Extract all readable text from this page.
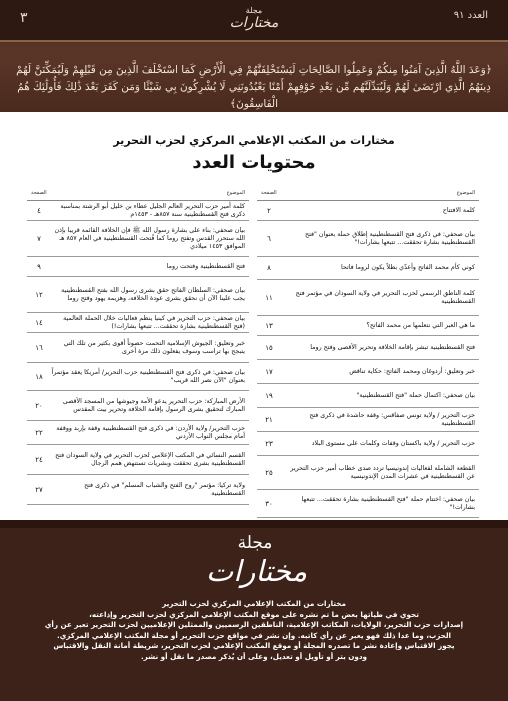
٣	العدد ٩١
مجلة
مختارات
﴿وَعَدَ اللَّهُ الَّذِينَ آمَنُوا مِنكُمْ وَعَمِلُوا الصَّالِحَاتِ لَيَسْتَخْلِفَنَّهُمْ فِي الْأَرْضِ كَمَا اسْتَخْلَفَ الَّذِينَ مِن قَبْلِهِمْ وَلَيُمَكِّنَنَّ لَهُمْ دِينَهُمُ الَّذِي ارْتَضَىٰ لَهُمْ وَلَيُبَدِّلَنَّهُم مِّن بَعْدِ خَوْفِهِمْ أَمْنًا يَعْبُدُونَنِي لَا يُشْرِكُونَ بِي شَيْئًا وَمَن كَفَرَ بَعْدَ ذَٰلِكَ فَأُولَٰئِكَ هُمُ الْفَاسِقُونَ﴾
مختارات من المكتب الإعلامي المركزي لحزب التحرير
محتويات العدد
الموضوع
الصفحة
كلمة الافتتاح
٢
بيان صحفي: في ذكرى فتح القسطنطينية إطلاق حملة بعنوان "فتح القسطنطينية بشارة تحققت... تتبعها بشارات!"
٦
كوني كأم محمد الفاتح وأعدّي بطلاً يكون لروما فاتحا
٨
كلمة الناطق الرسمي لحزب التحرير في ولاية السودان في مؤتمر فتح القسطنطينية
١١
ما هي العبر التي نتعلمها من محمد الفاتح؟
١٣
فتح القسطنطينية تبشر بإقامة الخلافة وتحرير الأقصى وفتح روما
١٥
خبر وتعليق: أردوغان ومحمد الفاتح: حكاية تناقض
١٧
بيان صحفي: اكتمال حملة "فتح القسطنطينية"
١٩
حزب التحرير / ولاية تونس صفاقس: وقفة حاشدة في ذكرى فتح القسطنطينية
٢١
حزب التحرير / ولاية باكستان وقفات وكلمات على مستوى البلاد
٢٣
القطعة الشاملة لفعاليات إندونيسيا تردد صدى خطاب أمير حزب التحرير عن القسطنطينية في عشرات المدن الإندونيسية
٢٥
بيان صحفي: اختتام حملة "فتح القسطنطينية بشارة تحققت... تتبعها بشارات!"
٣٠
الموضوع
الصفحة
كلمة أمير حزب التحرير العالم الجليل عطاء بن خليل أبو الرشتة بمناسبة ذكرى فتح القسطنطينية سنة ٨٥٧هـ - ١٤٥٣م
٤
بيان صحفي: بناء على بشارة رسول الله ﷺ فإن الخلافة القائمة قريبا بإذن الله ستحرر القدس وتفتح روما كما فُتحت القسطنطينية في العام ٨٥٧ هـ الموافق ١٤٥٣ ميلادي
٧
فتح القسطنطينية وفتحت روما
٩
بيان صحفي: السلطان الفاتح حقق بشرى رسول الله بفتح القسطنطينية يجب علينا الآن أن نحقق بشرى عودة الخلافة، وهزيمة يهود وفتح روما
١٢
بيان صحفي: حزب التحرير في كينيا ينظم فعاليات خلال الحملة العالمية (فتح القسطنطينية بشارة تحققت... تتبعها بشارات!)
١٤
خبر وتعليق: الجيوش الإسلامية التحمت حصوناً أقوى بكثير من تلك التي يتبجح بها تراسب وسوف يفعلون ذلك مرة أخرى
١٦
بيان صحفي: في ذكرى فتح القسطنطينية حزب التحرير/ أمريكا يعقد مؤتمراً بعنوان "الآن نصر الله قريب"
١٨
الأرض المباركة: حزب التحرير يدعو الأمة وجيوشها من المسجد الأقصى المبارك لتحقيق بشرى الرسول بإقامة الخلافة وتحرير بيت المقدس
٢٠
حزب التحرير/ ولاية الأردن: في ذكرى فتح القسطنطينية وقفة بإربد ووقفة أمام مجلس النواب الأردني
٢٢
القسم النسائي في المكتب الإعلامي لحزب التحرير في ولاية السودان فتح القسطنطينية بشرى تحققت وبشريات تستنهض همم الرجال
٢٤
ولاية تركيا: مؤتمر "روح الفتح والشباب المسلم" في ذكرى فتح القسطنطينية
٢٧
مجلة
مختارات

مختارات من المكتب الإعلامي المركزي لحزب التحرير

تحوي في طياتها بعض ما تم نشره على موقع المكتب الإعلامي المركزي لحزب التحرير وإذاعته،

إصدارات حزب التحرير، الولايات، المكاتب الإعلامية، الناطقين الرسميين والممثلين الإعلاميين لحزب التحرير تعبر عن رأي

الحزب، وما عدا ذلك فهو يعبر عن رأي كاتبه. وإن نشر في مواقع حزب التحرير أو مجلة المكتب الإعلامي المركزي.

يجوز الاقتباس وإعادة نشر ما تصدره المجلة أو موقع المكتب الإعلامي لحزب التحرير، شريطة أمانة النقل والاقتباس

ودون بتر أو تأويل أو تعديل، وعلى أن يُذكر مصدر ما نقل أو نشر.
